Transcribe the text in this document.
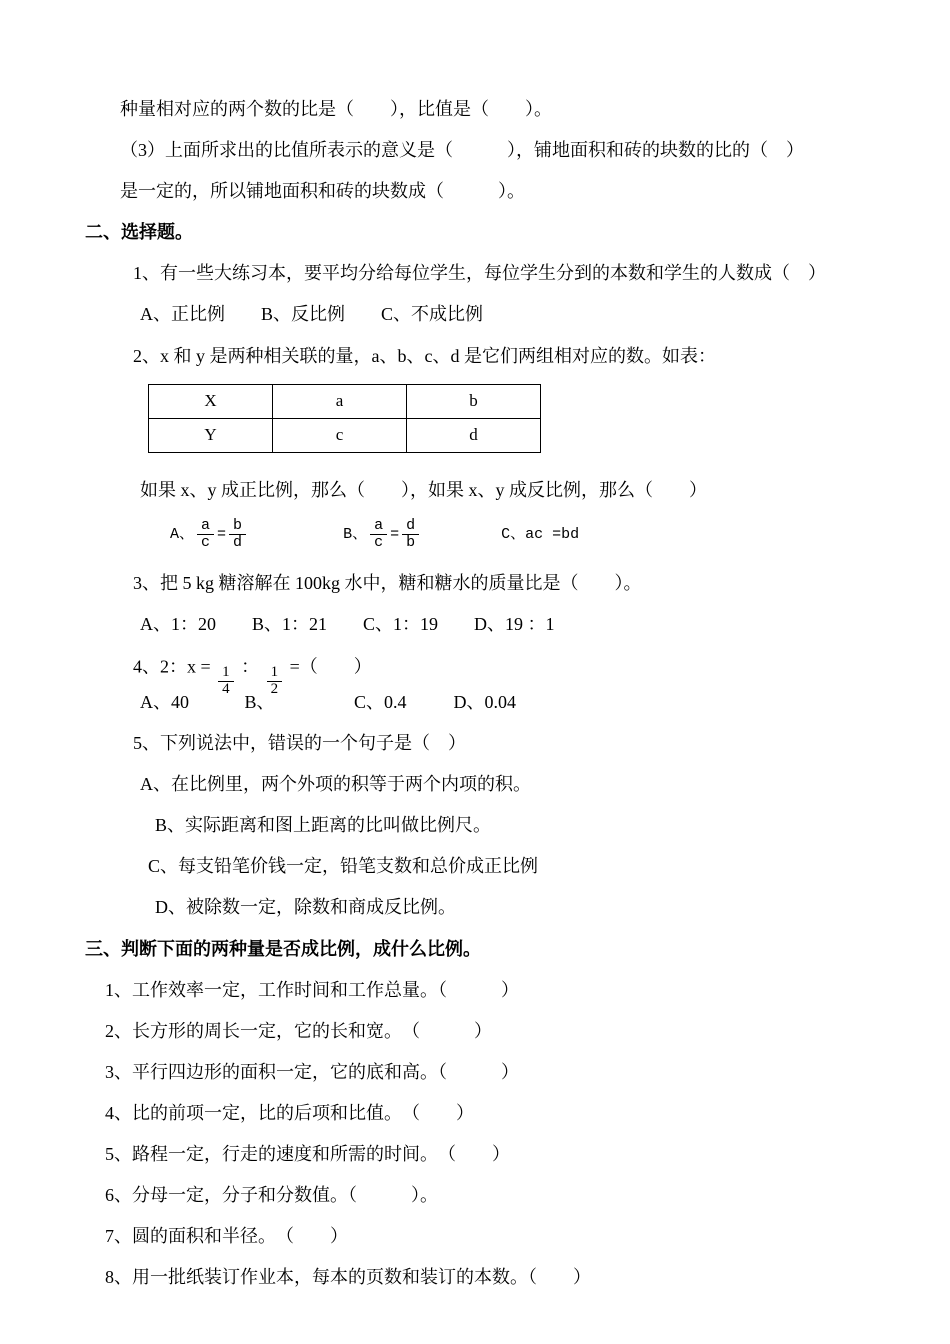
种量相对应的两个数的比是（　　），比值是（　　）。
（3）上面所求出的比值所表示的意义是（　　　），铺地面积和砖的块数的比的（　）
是一定的，所以铺地面积和砖的块数成（　　　）。
二、选择题。
1、有一些大练习本，要平均分给每位学生，每位学生分到的本数和学生的人数成（　）
A、正比例　　B、反比例　　C、不成比例
2、x 和 y 是两种相关联的量，a、b、c、d 是它们两组相对应的数。如表：
X	a	b
Y	c	d
如果 x、y 成正比例，那么（　　），如果 x、y 成反比例，那么（　　）
A、 $\frac{a}{c} = \frac{b}{d}$	B、 $\frac{a}{c} = \frac{d}{b}$	C、ac =bd
3、把 5 kg 糖溶解在 100kg 水中，糖和糖水的质量比是（　　）。
A、1：20　　B、1：21　　C、1：19　　D、19 ：1
4、2：$x = \frac{1}{4}$ ： $\frac{1}{2}$ =（　　）
A、40	B、	C、0.4	D、0.04
5、下列说法中，错误的一个句子是（　）
A、在比例里，两个外项的积等于两个内项的积。
B、实际距离和图上距离的比叫做比例尺。
C、每支铅笔价钱一定，铅笔支数和总价成正比例
D、被除数一定，除数和商成反比例。
三、判断下面的两种量是否成比例，成什么比例。
1、工作效率一定，工作时间和工作总量。（　　　）
2、长方形的周长一定，它的长和宽。　（　　　）
3、平行四边形的面积一定，它的底和高。（　　　）
4、比的前项一定，比的后项和比值。　（　　）
5、路程一定，行走的速度和所需的时间。　（　　）
6、分母一定，分子和分数值。（　　　）。
7、圆的面积和半径。　（　　）
8、用一批纸装订作业本，每本的页数和装订的本数。（　　）
